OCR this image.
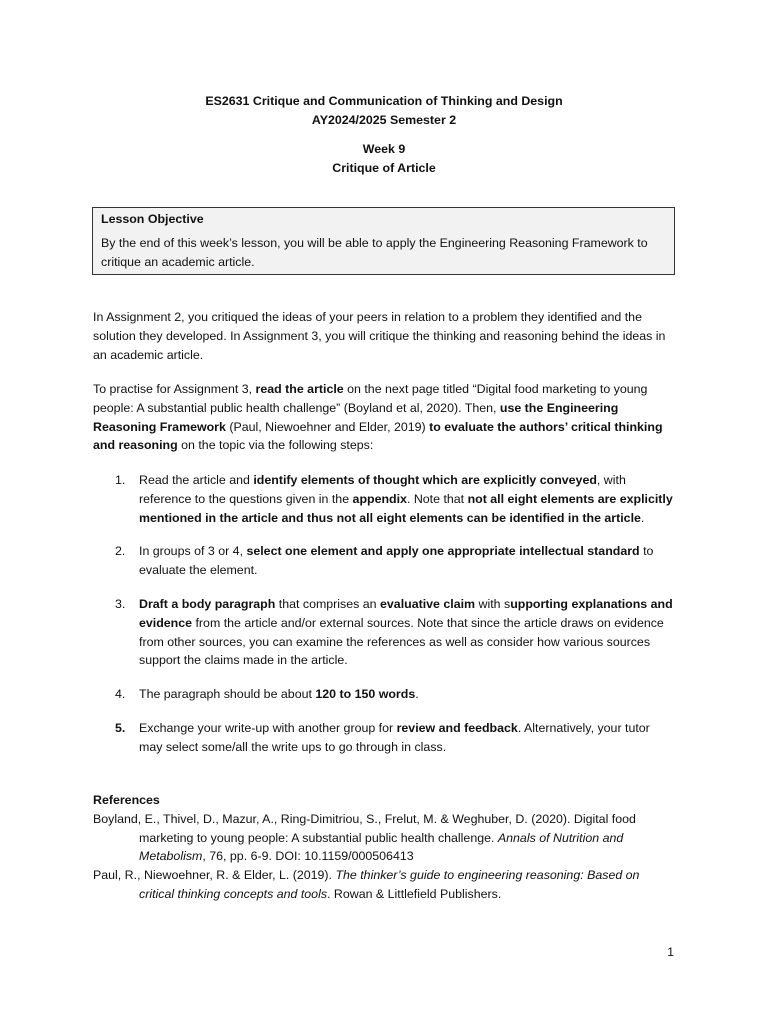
ES2631 Critique and Communication of Thinking and Design
AY2024/2025 Semester 2
Week 9
Critique of Article
Lesson Objective
By the end of this week’s lesson, you will be able to apply the Engineering Reasoning Framework to critique an academic article.
In Assignment 2, you critiqued the ideas of your peers in relation to a problem they identified and the solution they developed. In Assignment 3, you will critique the thinking and reasoning behind the ideas in an academic article.
To practise for Assignment 3, read the article on the next page titled “Digital food marketing to young people: A substantial public health challenge” (Boyland et al, 2020). Then, use the Engineering Reasoning Framework (Paul, Niewoehner and Elder, 2019) to evaluate the authors’ critical thinking and reasoning on the topic via the following steps:
1. Read the article and identify elements of thought which are explicitly conveyed, with reference to the questions given in the appendix. Note that not all eight elements are explicitly mentioned in the article and thus not all eight elements can be identified in the article.
2. In groups of 3 or 4, select one element and apply one appropriate intellectual standard to evaluate the element.
3. Draft a body paragraph that comprises an evaluative claim with supporting explanations and evidence from the article and/or external sources. Note that since the article draws on evidence from other sources, you can examine the references as well as consider how various sources support the claims made in the article.
4. The paragraph should be about 120 to 150 words.
5. Exchange your write-up with another group for review and feedback. Alternatively, your tutor may select some/all the write ups to go through in class.
References
Boyland, E., Thivel, D., Mazur, A., Ring-Dimitriou, S., Frelut, M. & Weghuber, D. (2020). Digital food marketing to young people: A substantial public health challenge. Annals of Nutrition and Metabolism, 76, pp. 6-9. DOI: 10.1159/000506413
Paul, R., Niewoehner, R. & Elder, L. (2019). The thinker’s guide to engineering reasoning: Based on critical thinking concepts and tools. Rowan & Littlefield Publishers.
1
